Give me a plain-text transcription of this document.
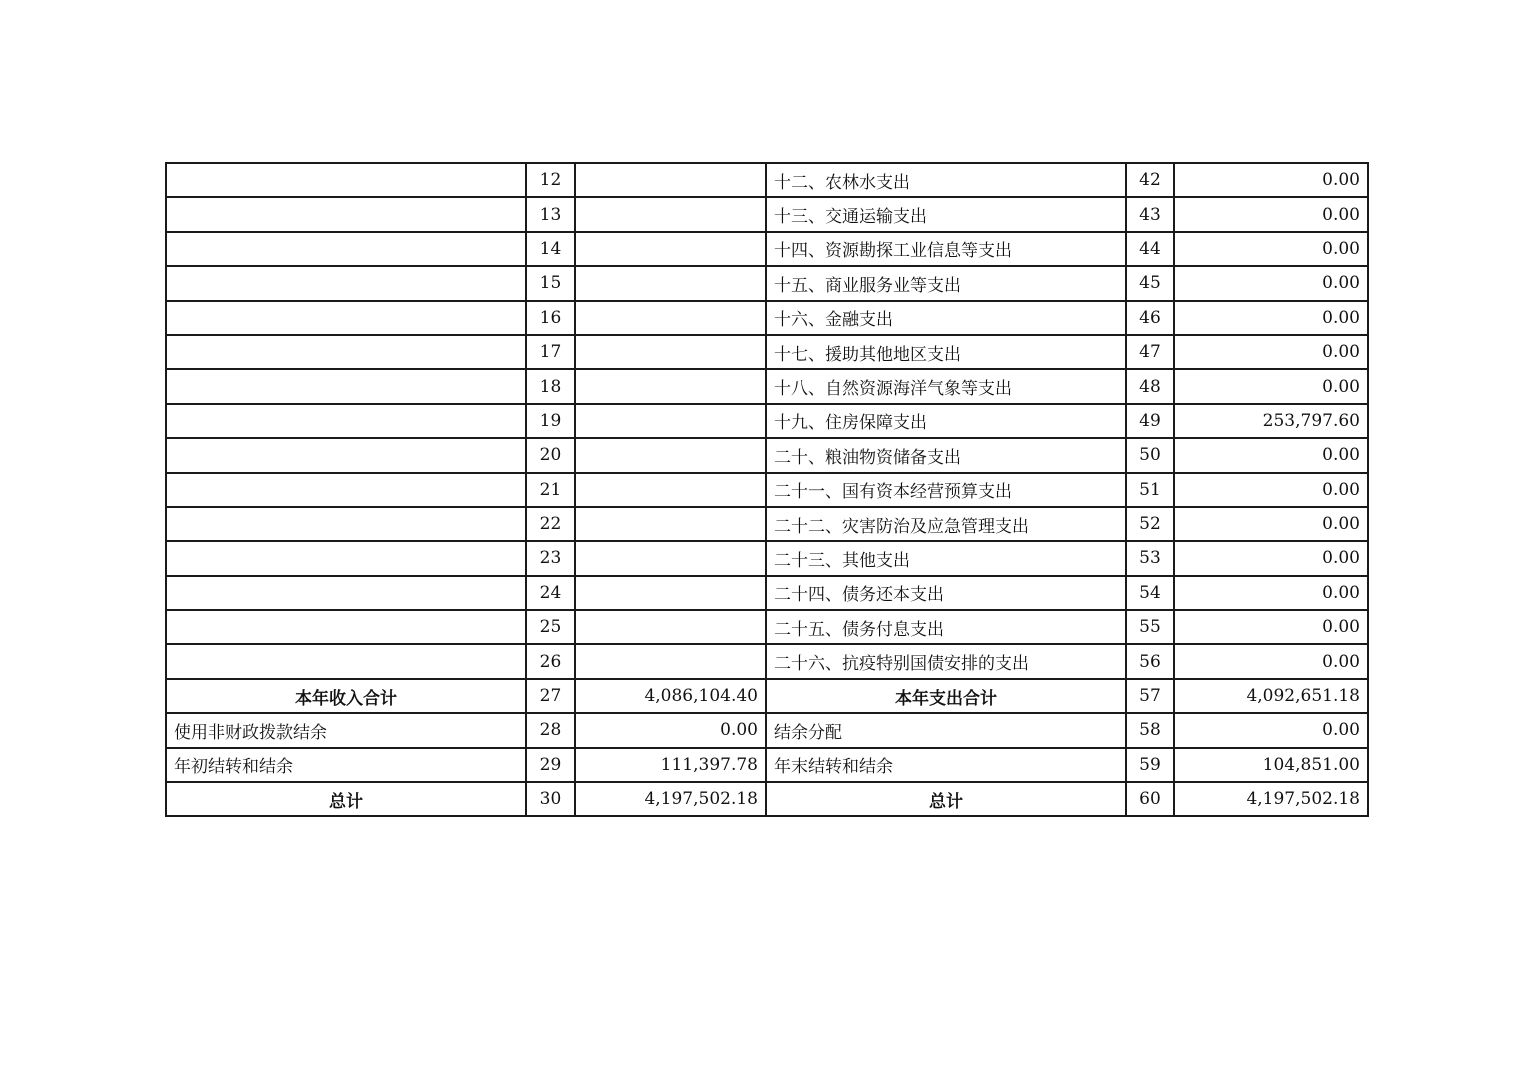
	12		十二、农林水支出	42	0.00
	13		十三、交通运输支出	43	0.00
	14		十四、资源勘探工业信息等支出	44	0.00
	15		十五、商业服务业等支出	45	0.00
	16		十六、金融支出	46	0.00
	17		十七、援助其他地区支出	47	0.00
	18		十八、自然资源海洋气象等支出	48	0.00
	19		十九、住房保障支出	49	253,797.60
	20		二十、粮油物资储备支出	50	0.00
	21		二十一、国有资本经营预算支出	51	0.00
	22		二十二、灾害防治及应急管理支出	52	0.00
	23		二十三、其他支出	53	0.00
	24		二十四、债务还本支出	54	0.00
	25		二十五、债务付息支出	55	0.00
	26		二十六、抗疫特别国债安排的支出	56	0.00
本年收入合计	27	4,086,104.40	本年支出合计	57	4,092,651.18
使用非财政拨款结余	28	0.00	结余分配	58	0.00
年初结转和结余	29	111,397.78	年末结转和结余	59	104,851.00
总计	30	4,197,502.18	总计	60	4,197,502.18
